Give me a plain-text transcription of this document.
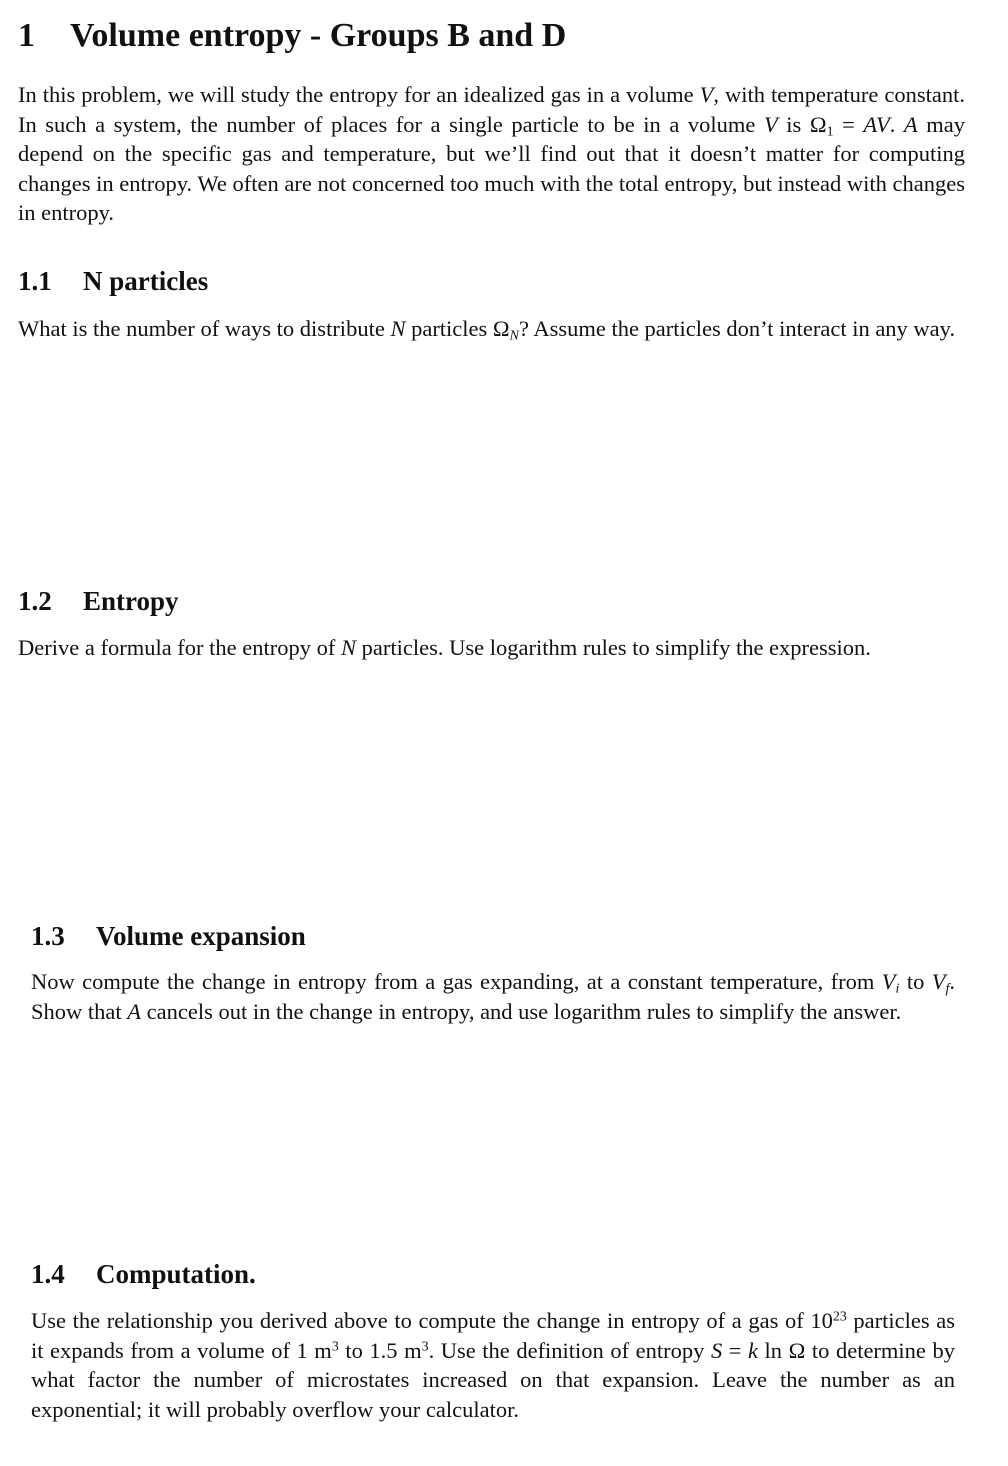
1 Volume entropy - Groups B and D

In this problem, we will study the entropy for an idealized gas in a volume V, with temperature constant. In such a system, the number of places for a single particle to be in a volume V is $\Omega_1$ = AV. A may depend on the specific gas and temperature, but we’ll find out that it doesn’t matter for computing changes in entropy. We often are not concerned too much with the total entropy, but instead with changes in entropy.

1.1 N particles

What is the number of ways to distribute N particles $\Omega_N$? Assume the particles don’t interact in any way.

1.2 Entropy

Derive a formula for the entropy of N particles. Use logarithm rules to simplify the expression.

1.3 Volume expansion

Now compute the change in entropy from a gas expanding, at a constant temperature, from $V_i$ to $V_f$. Show that A cancels out in the change in entropy, and use logarithm rules to simplify the answer.

1.4 Computation.

Use the relationship you derived above to compute the change in entropy of a gas of $10^{23}$ particles as it expands from a volume of 1 $m^3$ to 1.5 $m^3$. Use the definition of entropy S = k ln Ω to determine by what factor the number of microstates increased on that expansion. Leave the number as an exponential; it will probably overflow your calculator.
